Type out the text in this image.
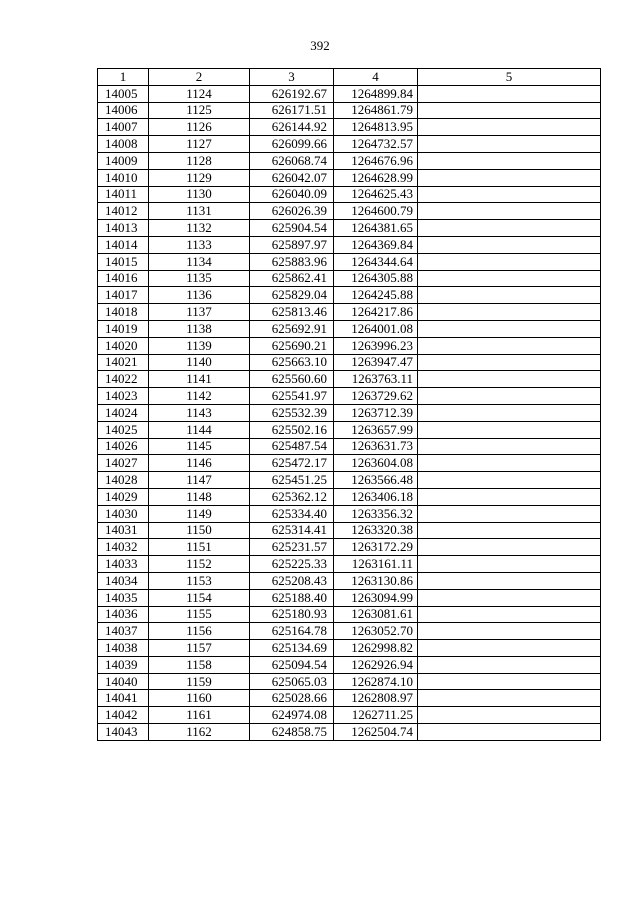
392
1	2	3	4	5
14005	1124	626192.67	1264899.84	
14006	1125	626171.51	1264861.79	
14007	1126	626144.92	1264813.95	
14008	1127	626099.66	1264732.57	
14009	1128	626068.74	1264676.96	
14010	1129	626042.07	1264628.99	
14011	1130	626040.09	1264625.43	
14012	1131	626026.39	1264600.79	
14013	1132	625904.54	1264381.65	
14014	1133	625897.97	1264369.84	
14015	1134	625883.96	1264344.64	
14016	1135	625862.41	1264305.88	
14017	1136	625829.04	1264245.88	
14018	1137	625813.46	1264217.86	
14019	1138	625692.91	1264001.08	
14020	1139	625690.21	1263996.23	
14021	1140	625663.10	1263947.47	
14022	1141	625560.60	1263763.11	
14023	1142	625541.97	1263729.62	
14024	1143	625532.39	1263712.39	
14025	1144	625502.16	1263657.99	
14026	1145	625487.54	1263631.73	
14027	1146	625472.17	1263604.08	
14028	1147	625451.25	1263566.48	
14029	1148	625362.12	1263406.18	
14030	1149	625334.40	1263356.32	
14031	1150	625314.41	1263320.38	
14032	1151	625231.57	1263172.29	
14033	1152	625225.33	1263161.11	
14034	1153	625208.43	1263130.86	
14035	1154	625188.40	1263094.99	
14036	1155	625180.93	1263081.61	
14037	1156	625164.78	1263052.70	
14038	1157	625134.69	1262998.82	
14039	1158	625094.54	1262926.94	
14040	1159	625065.03	1262874.10	
14041	1160	625028.66	1262808.97	
14042	1161	624974.08	1262711.25	
14043	1162	624858.75	1262504.74	
